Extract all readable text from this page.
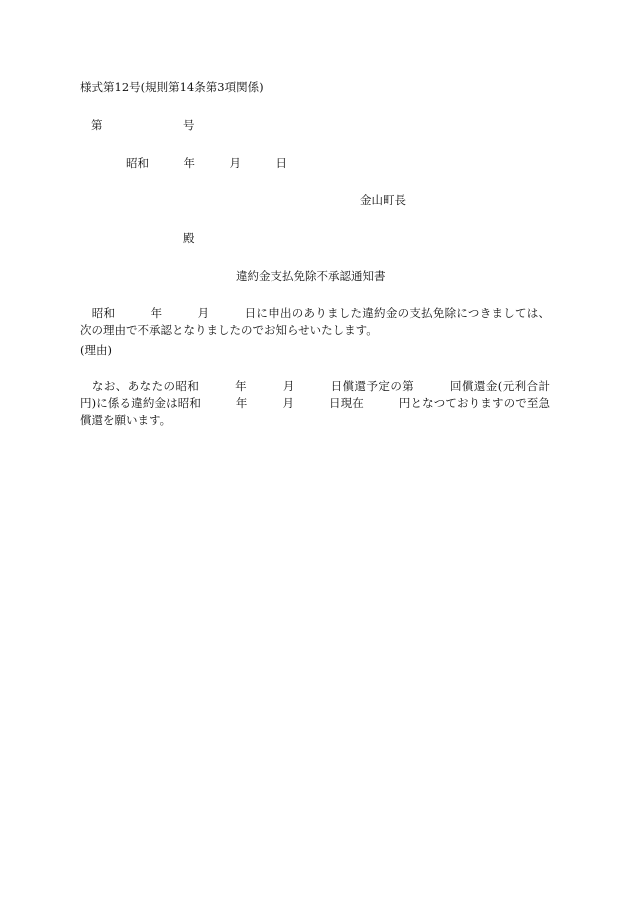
様式第12号(規則第14条第3項関係)

第　　　　　　　号

昭和　　　年　　　月　　　日

金山町長

殿

違約金支払免除不承認通知書

　昭和　　　年　　　月　　　日に申出のありました違約金の支払免除につきましては、次の理由で不承認となりましたのでお知らせいたします。

(理由)

　なお、あなたの昭和　　　年　　　月　　　日償還予定の第　　　回償還金(元利合計　　　円)に係る違約金は昭和　　　年　　　月　　　日現在　　　円となつておりますので至急償還を願います。
